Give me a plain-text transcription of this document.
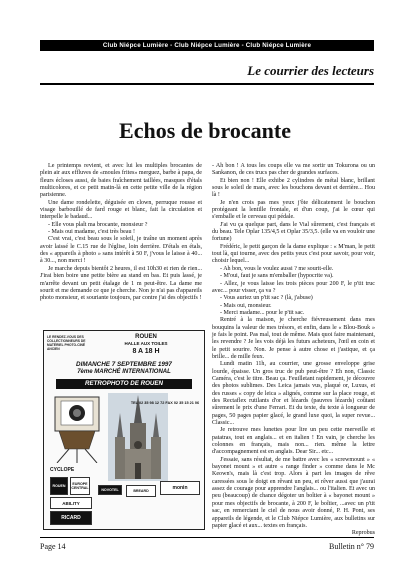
Club Niépce Lumière - Club Niépce Lumière - Club Niépce Lumière
Le courrier des lecteurs
Echos de brocante

Le printemps revient, et avec lui les multiples brocantes de plein air aux effluves de «moules frites» merguez, barbe à papa, de fleurs écloses aussi, de baies fraîchement taillées, masques d'étals multicolores, et ce petit matin-là en cette petite ville de la région parisienne.

Une dame rondelette, déguisée en clown, perruque rousse et visage barbouillé de fard rouge et blanc, fait la circulation et interpelle le badaud...

- Elle vous plaît ma brocante, monsieur ?

- Mais oui madame, c'est très beau !

C'est vrai, c'est beau sous le soleil, je traîne un moment après avoir laissé le C.15 rue de l'église, loin derrière. D'étals en étals, des « appareils à photo » sans intérêt à 50 F, j'vous le laisse à 40... à 30..., non merci !

Je marche depuis bientôt 2 heures, il est 10h30 et rien de rien... J'irai bien boire une petite bière au stand en bas. Et puis lassé, je m'arrête devant un petit étalage de 1 m peut-être. La dame me sourit et me demande ce que je cherche. Non je n'ai pas d'appareils photo monsieur, et souriante toujours, par contre j'ai des objectifs !

LE RENDEZ-VOUS DES COLLECTIONNEURS DE MATÉRIEL PHOTO-CINÉ ANCIEN
ROUEN
HALLE AUX TOILES
8 A 18 H
DIMANCHE 7 SEPTEMBRE 1997
7ème MARCHÉ INTERNATIONAL
RETROPHOTO DE ROUEN
TEL 02 35 98 12 72 FAX 02 35 15 21 06
CYCLOPE
ROUEN	EUROPE CENTRAL	NOVOTEL	BREARD	monin
ABILITY
RICARD

- Ah bon ! A tous les coups elle va me sortir un Tokurona ou un Sankanon, de ces trucs pas cher de grandes surfaces.

Et bien non ! Elle exhibe 2 cylindres de métal blanc, brillant sous le soleil de mars, avec les bouchons devant et derrière... Hou là !

Je n'en crois pas mes yeux j'ôte délicatement le bouchon protégeant la lentille frontale, et d'un coup, j'ai le cœur qui s'emballe et le cerveau qui pédale.

J'ai vu ça quelque part, dans le Vial sûrement, c'est français et du beau. Tele Oplar 135/4,5 et Oplar 35/3,5. (elle va en vouloir une fortune)

Frédéric, le petit garçon de la dame explique : « M'man, le petit tout là, qui tourne, avec des petits yeux c'est pour savoir, pour voir, choisir lequel...

- Ah bon, vous le voulez aussi ? me sourit-elle.

- M'oui, faut je sans m'emballer (hypocrite va).

- Allez, je vous laisse les trois pièces pour 200 F, le p'tit truc avec... pour visser, ça va ?

- Vous auriez un p'tit sac ? (là, j'abuse)

- Mais oui, monsieur.

- Merci madame... pour le p'tit sac.

Rentré à la maison, je cherche fiévreusement dans mes bouquins la valeur de mes trésors, et enfin, dans le « Blou-Bouk » je fais le point. Pas mal, tout de même. Mais quoi faire maintenant, les revendre ? Je les vois déjà les futurs acheteurs, l'œil en coin et le petit sourire. Non. Je pense à autre chose et j'astique, et ça brille... de mille feux.

Lundi matin 11h, au courrier, une grosse enveloppe grise lourde, épaisse. Un gros truc de pub peut-être ? Eh non, Classic Caméra, c'est le titre. Beau ça. Feuilletant rapidement, je découvre des photos sublimes. Des Leica jamais vus, plaqué or, Luxus, et des russes « copy de leica » alignés, comme sur la place rouge, et des Rectaflex rutilants d'or et lézards (pauvres lézards) coûtant sûrement le prix d'une Ferrari. Et du texte, du texte à longueur de pages, 50 pages papier glacé, le grand luxe quoi, la super revue... Classic...

Je retrouve mes lunettes pour lire un peu cette merveille et patatras, tout en anglais... et en italien ! En vain, je cherche les colonnes en français, mais non... rien. même la lettre d'accompagnement est en anglais. Dear Sir... etc...

J'essaie, sans résultat, de me battre avec les « screwmount » « bayonet mount » et autre « range finder » comme dans le Mc Keown's, mais là c'est trop. Alors à part les images de rêve caressées sous le doigt en rêvant un peu, et rêver aussi que j'aurai assez de courage pour apprendre l'anglais... ou l'italien. Et avec un peu (beaucoup) de chance dégoter un boîtier à « bayonet mount » pour mes objectifs de brocante, à 200 F, le boîtier, ...avec un p'tit sac, en remerciant le ciel de nous avoir donné, P. H. Pont, ses appareils de légende, et le Club Niépce Lumière, aux bulletins sur papier glacé et aux... textes en français.

Reprobus

Page 14	Bulletin n° 79
